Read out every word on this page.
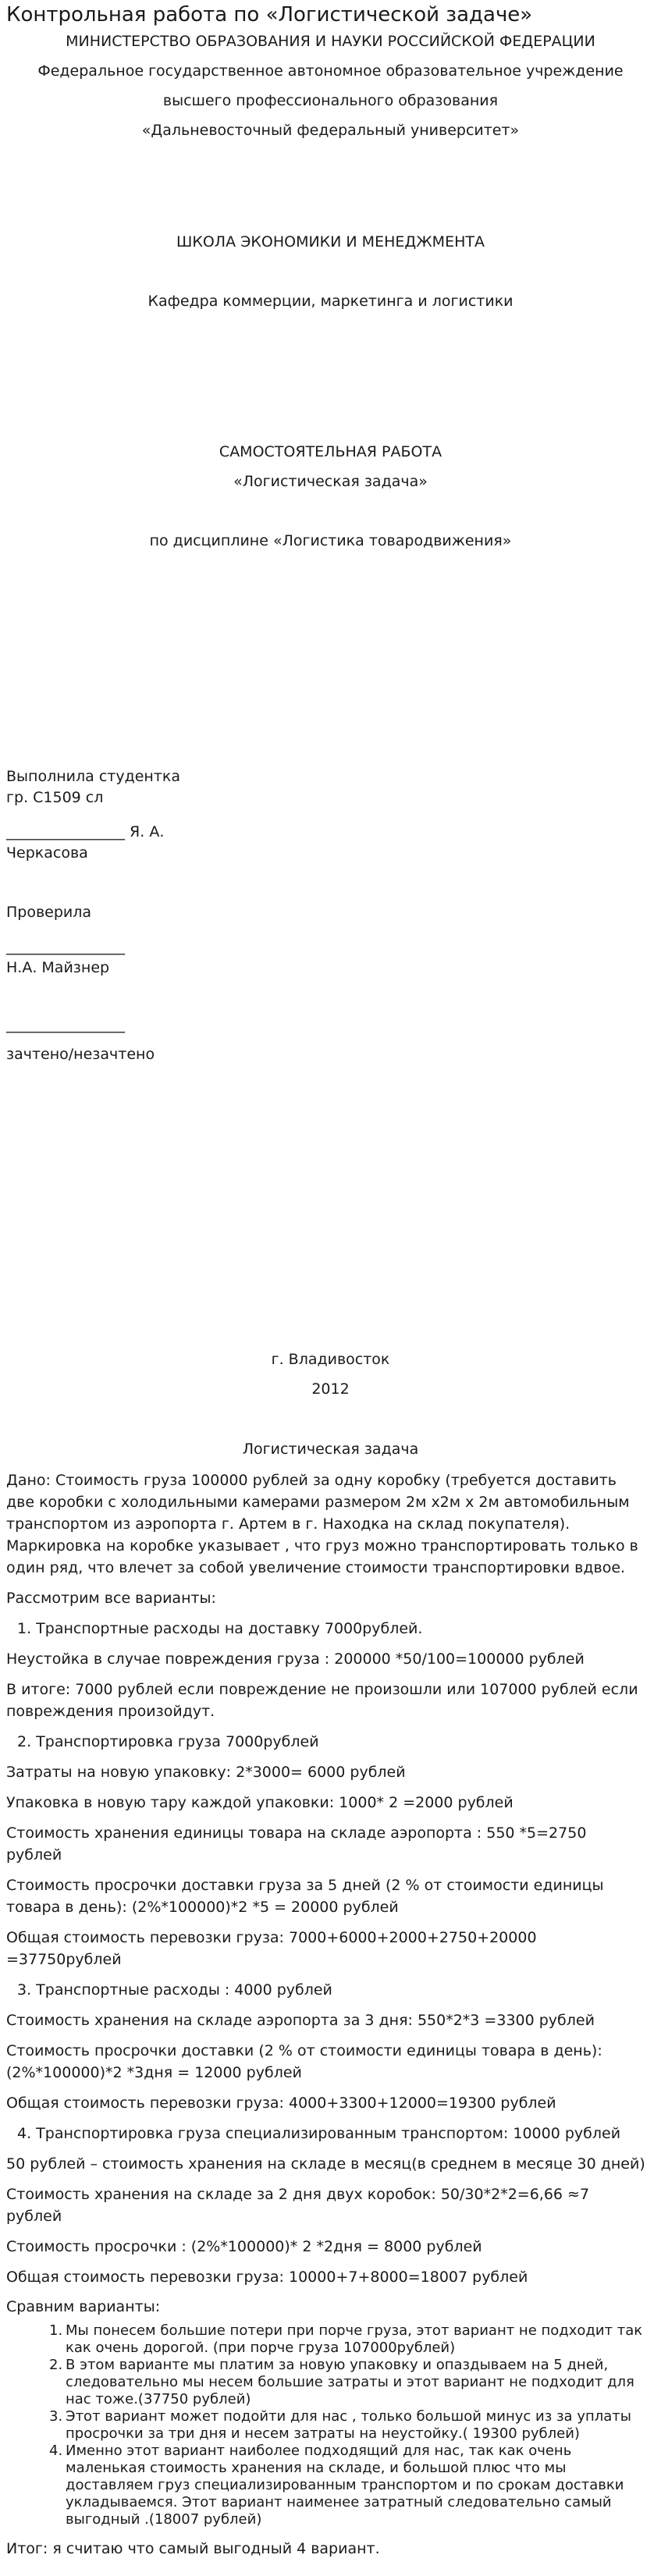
Контрольная работа по «Логистической задаче»

МИНИСТЕРСТВО ОБРАЗОВАНИЯ И НАУКИ РОССИЙСКОЙ ФЕДЕРАЦИИ

Федеральное государственное автономное образовательное учреждение

высшего профессионального образования

«Дальневосточный федеральный университет»

ШКОЛА ЭКОНОМИКИ И МЕНЕДЖМЕНТА

Кафедра коммерции, маркетинга и логистики

САМОСТОЯТЕЛЬНАЯ РАБОТА

«Логистическая задача»

по дисциплине «Логистика товародвижения»

Выполнила студентка

гр. С1509 сл

________________ Я. А.

Черкасова

Проверила

________________

Н.А. Майзнер

________________

зачтено/незачтено

г. Владивосток

2012

Логистическая задача

Дано: Стоимость груза 100000 рублей за одну коробку (требуется доставить две коробки с холодильными камерами размером 2м х2м х 2м автомобильным транспортом из аэропорта г. Артем в г. Находка на склад покупателя). Маркировка на коробке указывает , что груз можно транспортировать только в один ряд, что влечет за собой увеличение стоимости транспортировки вдвое.

Рассмотрим все варианты:

1. Транспортные расходы на доставку 7000рублей.

Неустойка в случае повреждения груза : 200000 *50/100=100000 рублей

В итоге: 7000 рублей если повреждение не произошли или 107000 рублей если повреждения произойдут.

2. Транспортировка груза 7000рублей

Затраты на новую упаковку: 2*3000= 6000 рублей

Упаковка в новую тару каждой упаковки: 1000* 2 =2000 рублей

Стоимость хранения единицы товара на складе аэропорта : 550 *5=2750 рублей

Стоимость просрочки доставки груза за 5 дней (2 % от стоимости единицы товара в день): (2%*100000)*2 *5 = 20000 рублей

Общая стоимость перевозки груза: 7000+6000+2000+2750+20000 =37750рублей

3. Транспортные расходы : 4000 рублей

Стоимость хранения на складе аэропорта за 3 дня: 550*2*3 =3300 рублей

Стоимость просрочки доставки (2 % от стоимости единицы товара в день): (2%*100000)*2 *3дня = 12000 рублей

Общая стоимость перевозки груза: 4000+3300+12000=19300 рублей

4. Транспортировка груза специализированным транспортом: 10000 рублей

50 рублей – стоимость хранения на складе в месяц(в среднем в месяце 30 дней)

Стоимость хранения на складе за 2 дня двух коробок: 50/30*2*2=6,66 ≈7 рублей

Стоимость просрочки : (2%*100000)* 2 *2дня = 8000 рублей

Общая стоимость перевозки груза: 10000+7+8000=18007 рублей

Сравним варианты:

1. Мы понесем большие потери при порче груза, этот вариант не подходит так как очень дорогой. (при порче груза 107000рублей)
2. В этом варианте мы платим за новую упаковку и опаздываем на 5 дней, следовательно мы несем большие затраты и этот вариант не подходит для нас тоже.(37750 рублей)
3. Этот вариант может подойти для нас , только большой минус из за уплаты просрочки за три дня и несем затраты на неустойку.( 19300 рублей)
4. Именно этот вариант наиболее подходящий для нас, так как очень маленькая стоимость хранения на складе, и большой плюс что мы доставляем груз специализированным транспортом и по срокам доставки укладываемся. Этот вариант наименее затратный следовательно самый выгодный .(18007 рублей)

Итог: я считаю что самый выгодный 4 вариант.
